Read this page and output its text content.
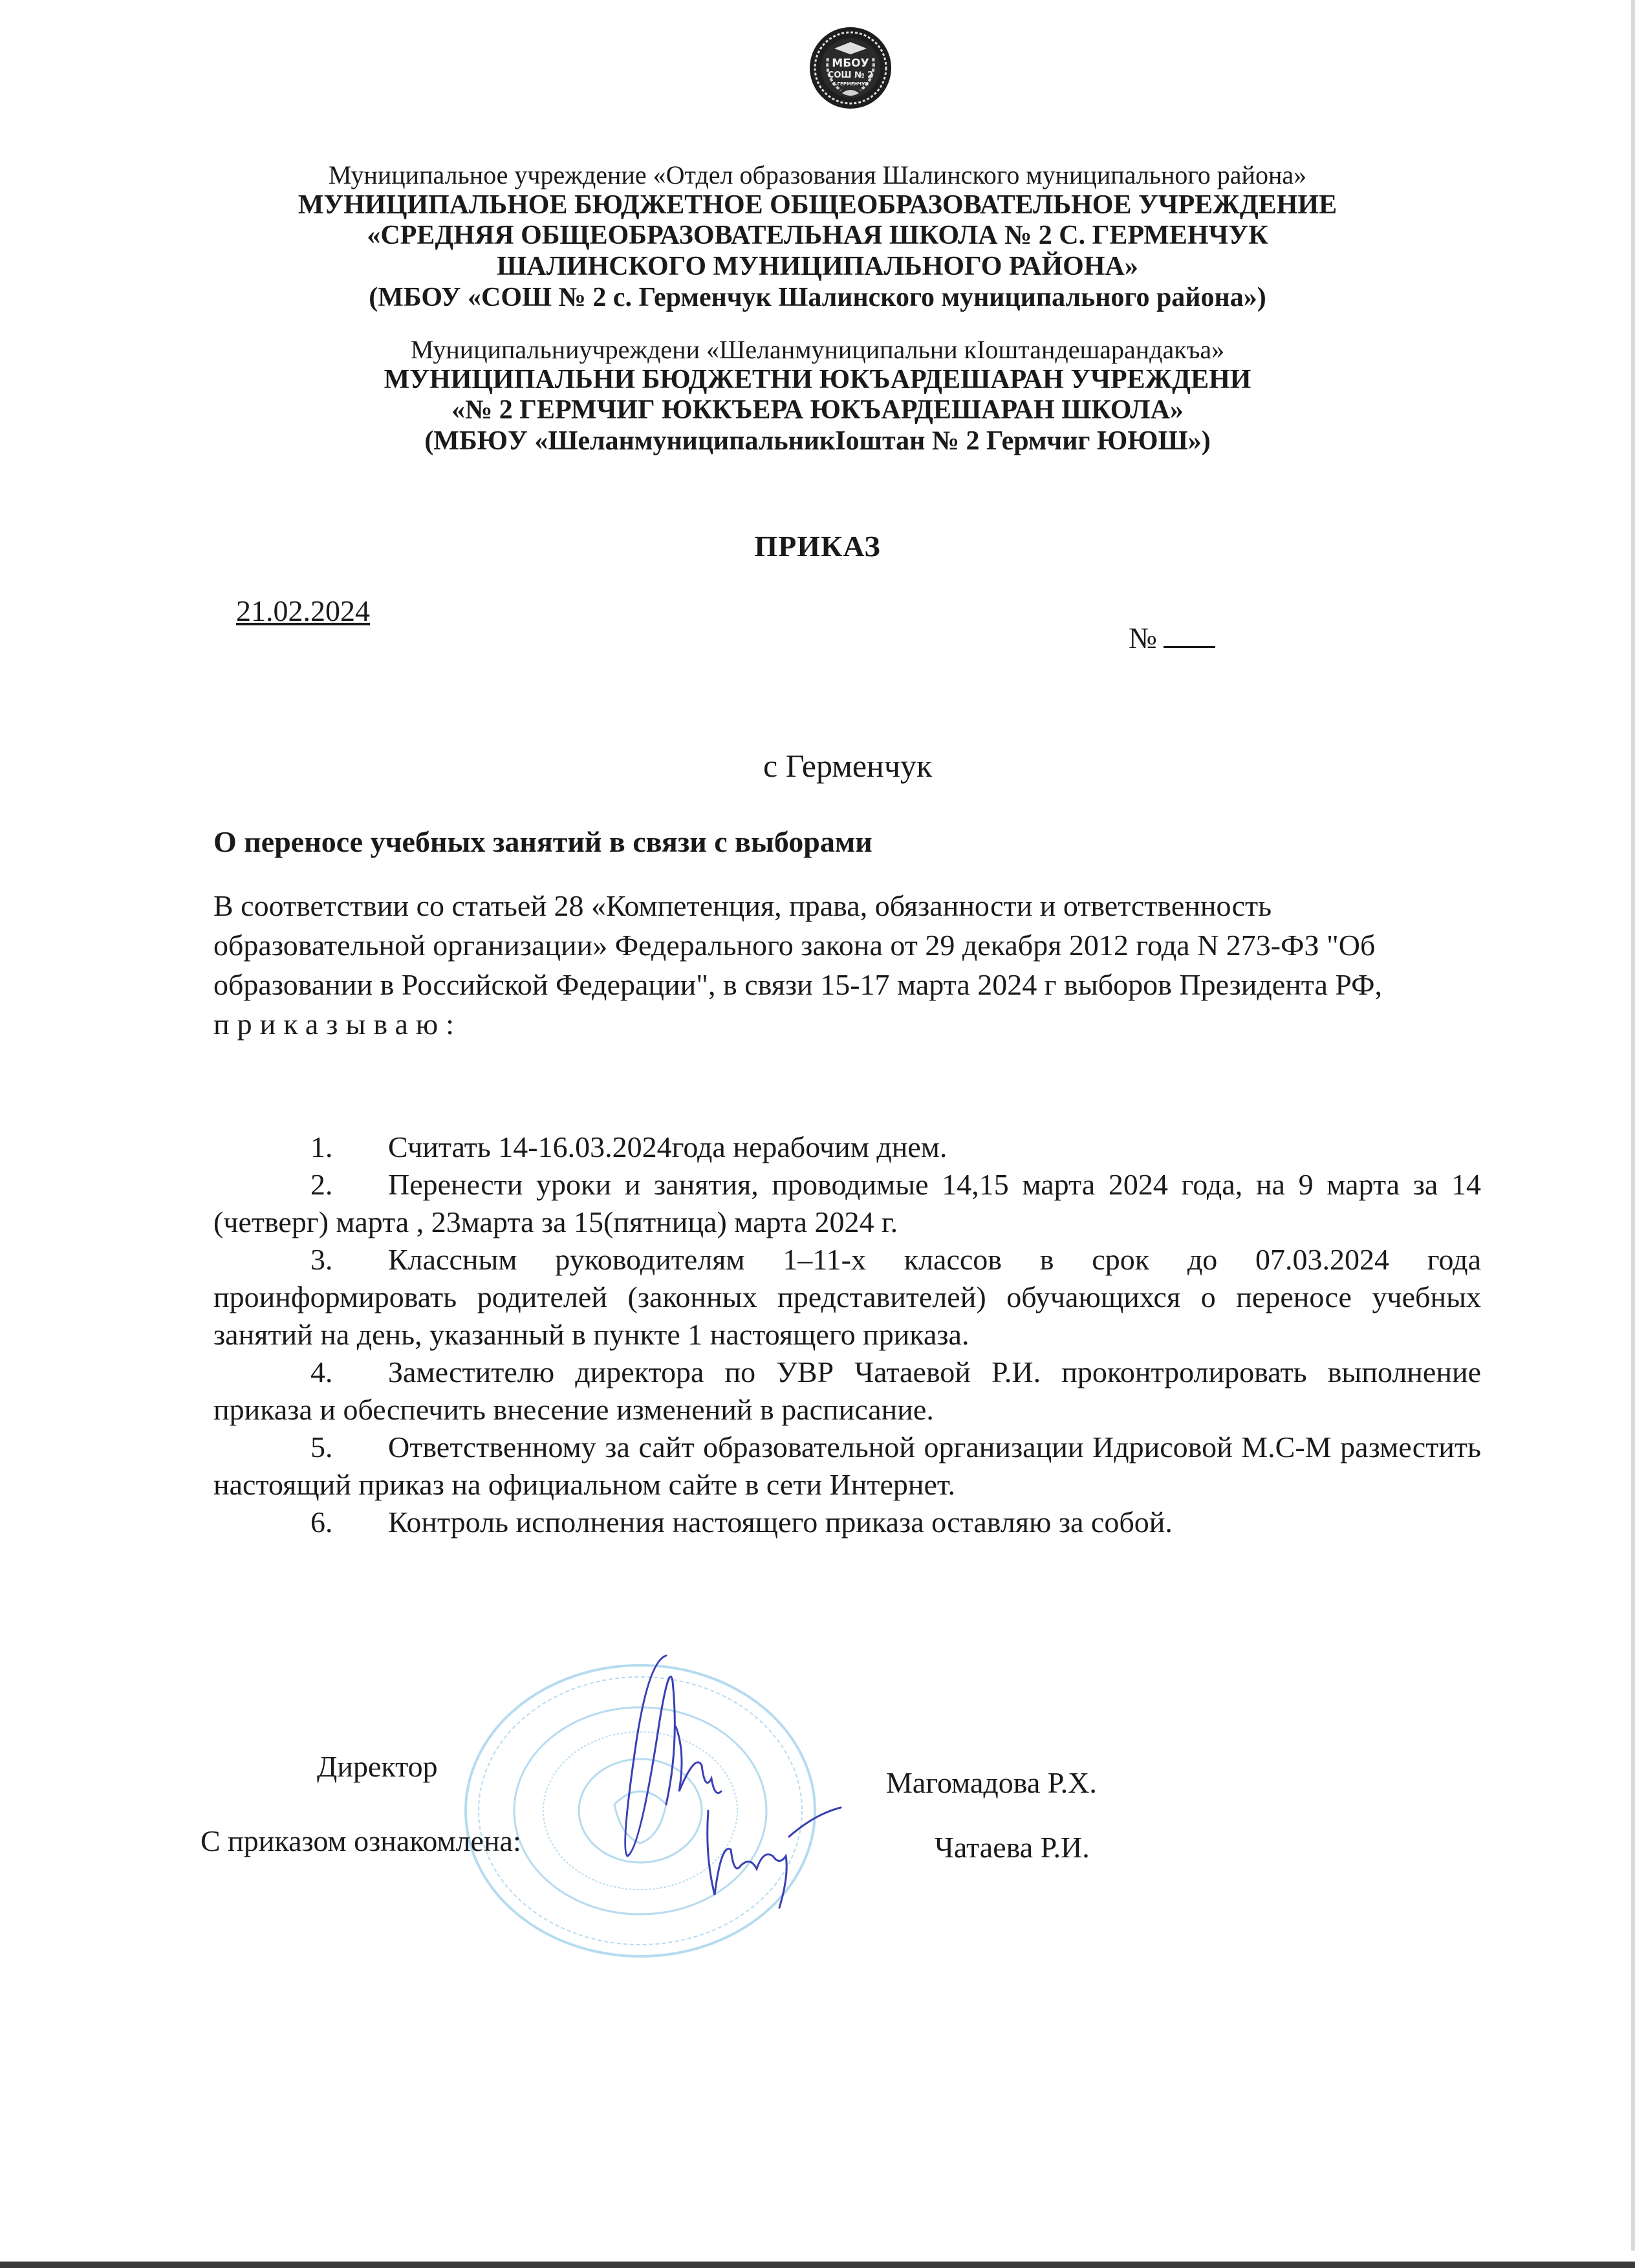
МБОУ
СОШ № 2
С.ГЕРМЕНЧУК
Муниципальное учреждение «Отдел образования Шалинского муниципального района»
МУНИЦИПАЛЬНОЕ БЮДЖЕТНОЕ ОБЩЕОБРАЗОВАТЕЛЬНОЕ УЧРЕЖДЕНИЕ
«СРЕДНЯЯ ОБЩЕОБРАЗОВАТЕЛЬНАЯ ШКОЛА № 2 С. ГЕРМЕНЧУК
ШАЛИНСКОГО МУНИЦИПАЛЬНОГО РАЙОНА»
(МБОУ «СОШ № 2 с. Герменчук Шалинского муниципального района»)
Муниципальниучреждени «Шеланмуниципальни кIоштандешарандакъа»
МУНИЦИПАЛЬНИ БЮДЖЕТНИ ЮКЪАРДЕШАРАН УЧРЕЖДЕНИ
«№ 2 ГЕРМЧИГ ЮККЪЕРА ЮКЪАРДЕШАРАН ШКОЛА»
(МБЮУ «ШеланмуниципальникIоштан № 2 Гермчиг ЮЮШ»)
ПРИКАЗ
21.02.2024
№
с Герменчук
О переносе учебных занятий в связи с выборами
В соответствии со статьей 28 «Компетенция, права, обязанности и ответственность образовательной организации» Федерального закона от 29 декабря 2012 года N 273-ФЗ "Об образовании в Российской Федерации", в связи 15-17 марта 2024 г выборов Президента РФ, приказываю:

1. Считать 14-16.03.2024года нерабочим днем.

2. Перенести уроки и занятия, проводимые 14,15 марта 2024 года, на 9 марта за 14 (четверг) марта , 23марта за 15(пятница) марта 2024 г.

3. Классным руководителям 1–11-х классов в срок до 07.03.2024 года проинформировать родителей (законных представителей) обучающихся о переносе учебных занятий на день, указанный в пункте 1 настоящего приказа.

4. Заместителю директора по УВР Чатаевой Р.И. проконтролировать выполнение приказа и обеспечить внесение изменений в расписание.

5. Ответственному за сайт образовательной организации Идрисовой М.С-М разместить настоящий приказ на официальном сайте в сети Интернет.

6. Контроль исполнения настоящего приказа оставляю за собой.

Директор	Магомадова Р.Х.
С приказом ознакомлена:	Чатаева Р.И.
